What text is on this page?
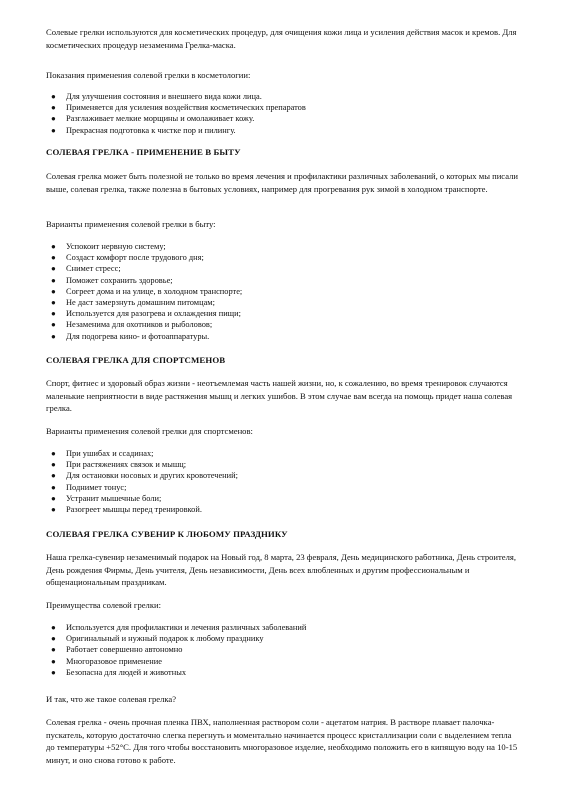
Солевые грелки используются для косметических процедур, для очищения кожи лица и усиления действия масок и кремов. Для косметических процедур незаменима Грелка-маска.

Показания применения солевой грелки в косметологии:

● Для улучшения состояния и внешнего вида кожи лица.
● Применяется для усиления воздействия косметических препаратов
● Разглаживает мелкие морщины и омолаживает кожу.
● Прекрасная подготовка к чистке пор и пилингу.
СОЛЕВАЯ ГРЕЛКА - ПРИМЕНЕНИЕ В БЫТУ

Солевая грелка может быть полезной не только во время лечения и профилактики различных заболеваний, о которых мы писали выше, солевая грелка, также полезна в бытовых условиях, например для прогревания рук зимой в холодном транспорте.

Варианты применения солевой грелки в быту:

● Успокоит нервную систему;
● Создаст комфорт после трудового дня;
● Снимет стресс;
● Поможет сохранить здоровье;
● Согреет дома и на улице, в холодном транспорте;
● Не даст замерзнуть домашним питомцам;
● Используется для разогрева и охлаждения пищи;
● Незаменима для охотников и рыболовов;
● Для подогрева кино- и фотоаппаратуры.
СОЛЕВАЯ ГРЕЛКА ДЛЯ СПОРТСМЕНОВ

Спорт, фитнес и здоровый образ жизни - неотъемлемая часть нашей жизни, но, к сожалению, во время тренировок случаются маленькие неприятности в виде растяжения мышц и легких ушибов. В этом случае вам всегда на помощь придет наша солевая грелка.

Варианты применения солевой грелки для спортсменов:

● При ушибах и ссадинах;
● При растяжениях связок и мышц;
● Для остановки носовых и других кровотечений;
● Поднимет тонус;
● Устранит мышечные боли;
● Разогреет мышцы перед тренировкой.
СОЛЕВАЯ ГРЕЛКА СУВЕНИР К ЛЮБОМУ ПРАЗДНИКУ

Наша грелка-сувенир незаменимый подарок на Новый год, 8 марта, 23 февраля, День медицинского работника, День строителя, День рождения Фирмы, День учителя, День независимости, День всех влюбленных и другим профессиональным и общенациональным праздникам.

Преимущества солевой грелки:

● Используется для профилактики и лечения различных заболеваний
● Оригинальный и нужный подарок к любому празднику
● Работает совершенно автономно
● Многоразовое применение
● Безопасна для людей и животных

И так, что же такое солевая грелка?

Солевая грелка - очень прочная пленка ПВХ, наполненная раствором соли - ацетатом натрия. В растворе плавает палочка-пускатель, которую достаточно слегка перегнуть и моментально начинается процесс кристаллизации соли с выделением тепла до температуры +52°С. Для того чтобы восстановить многоразовое изделие, необходимо положить его в кипящую воду на 10-15 минут, и оно снова готово к работе.
